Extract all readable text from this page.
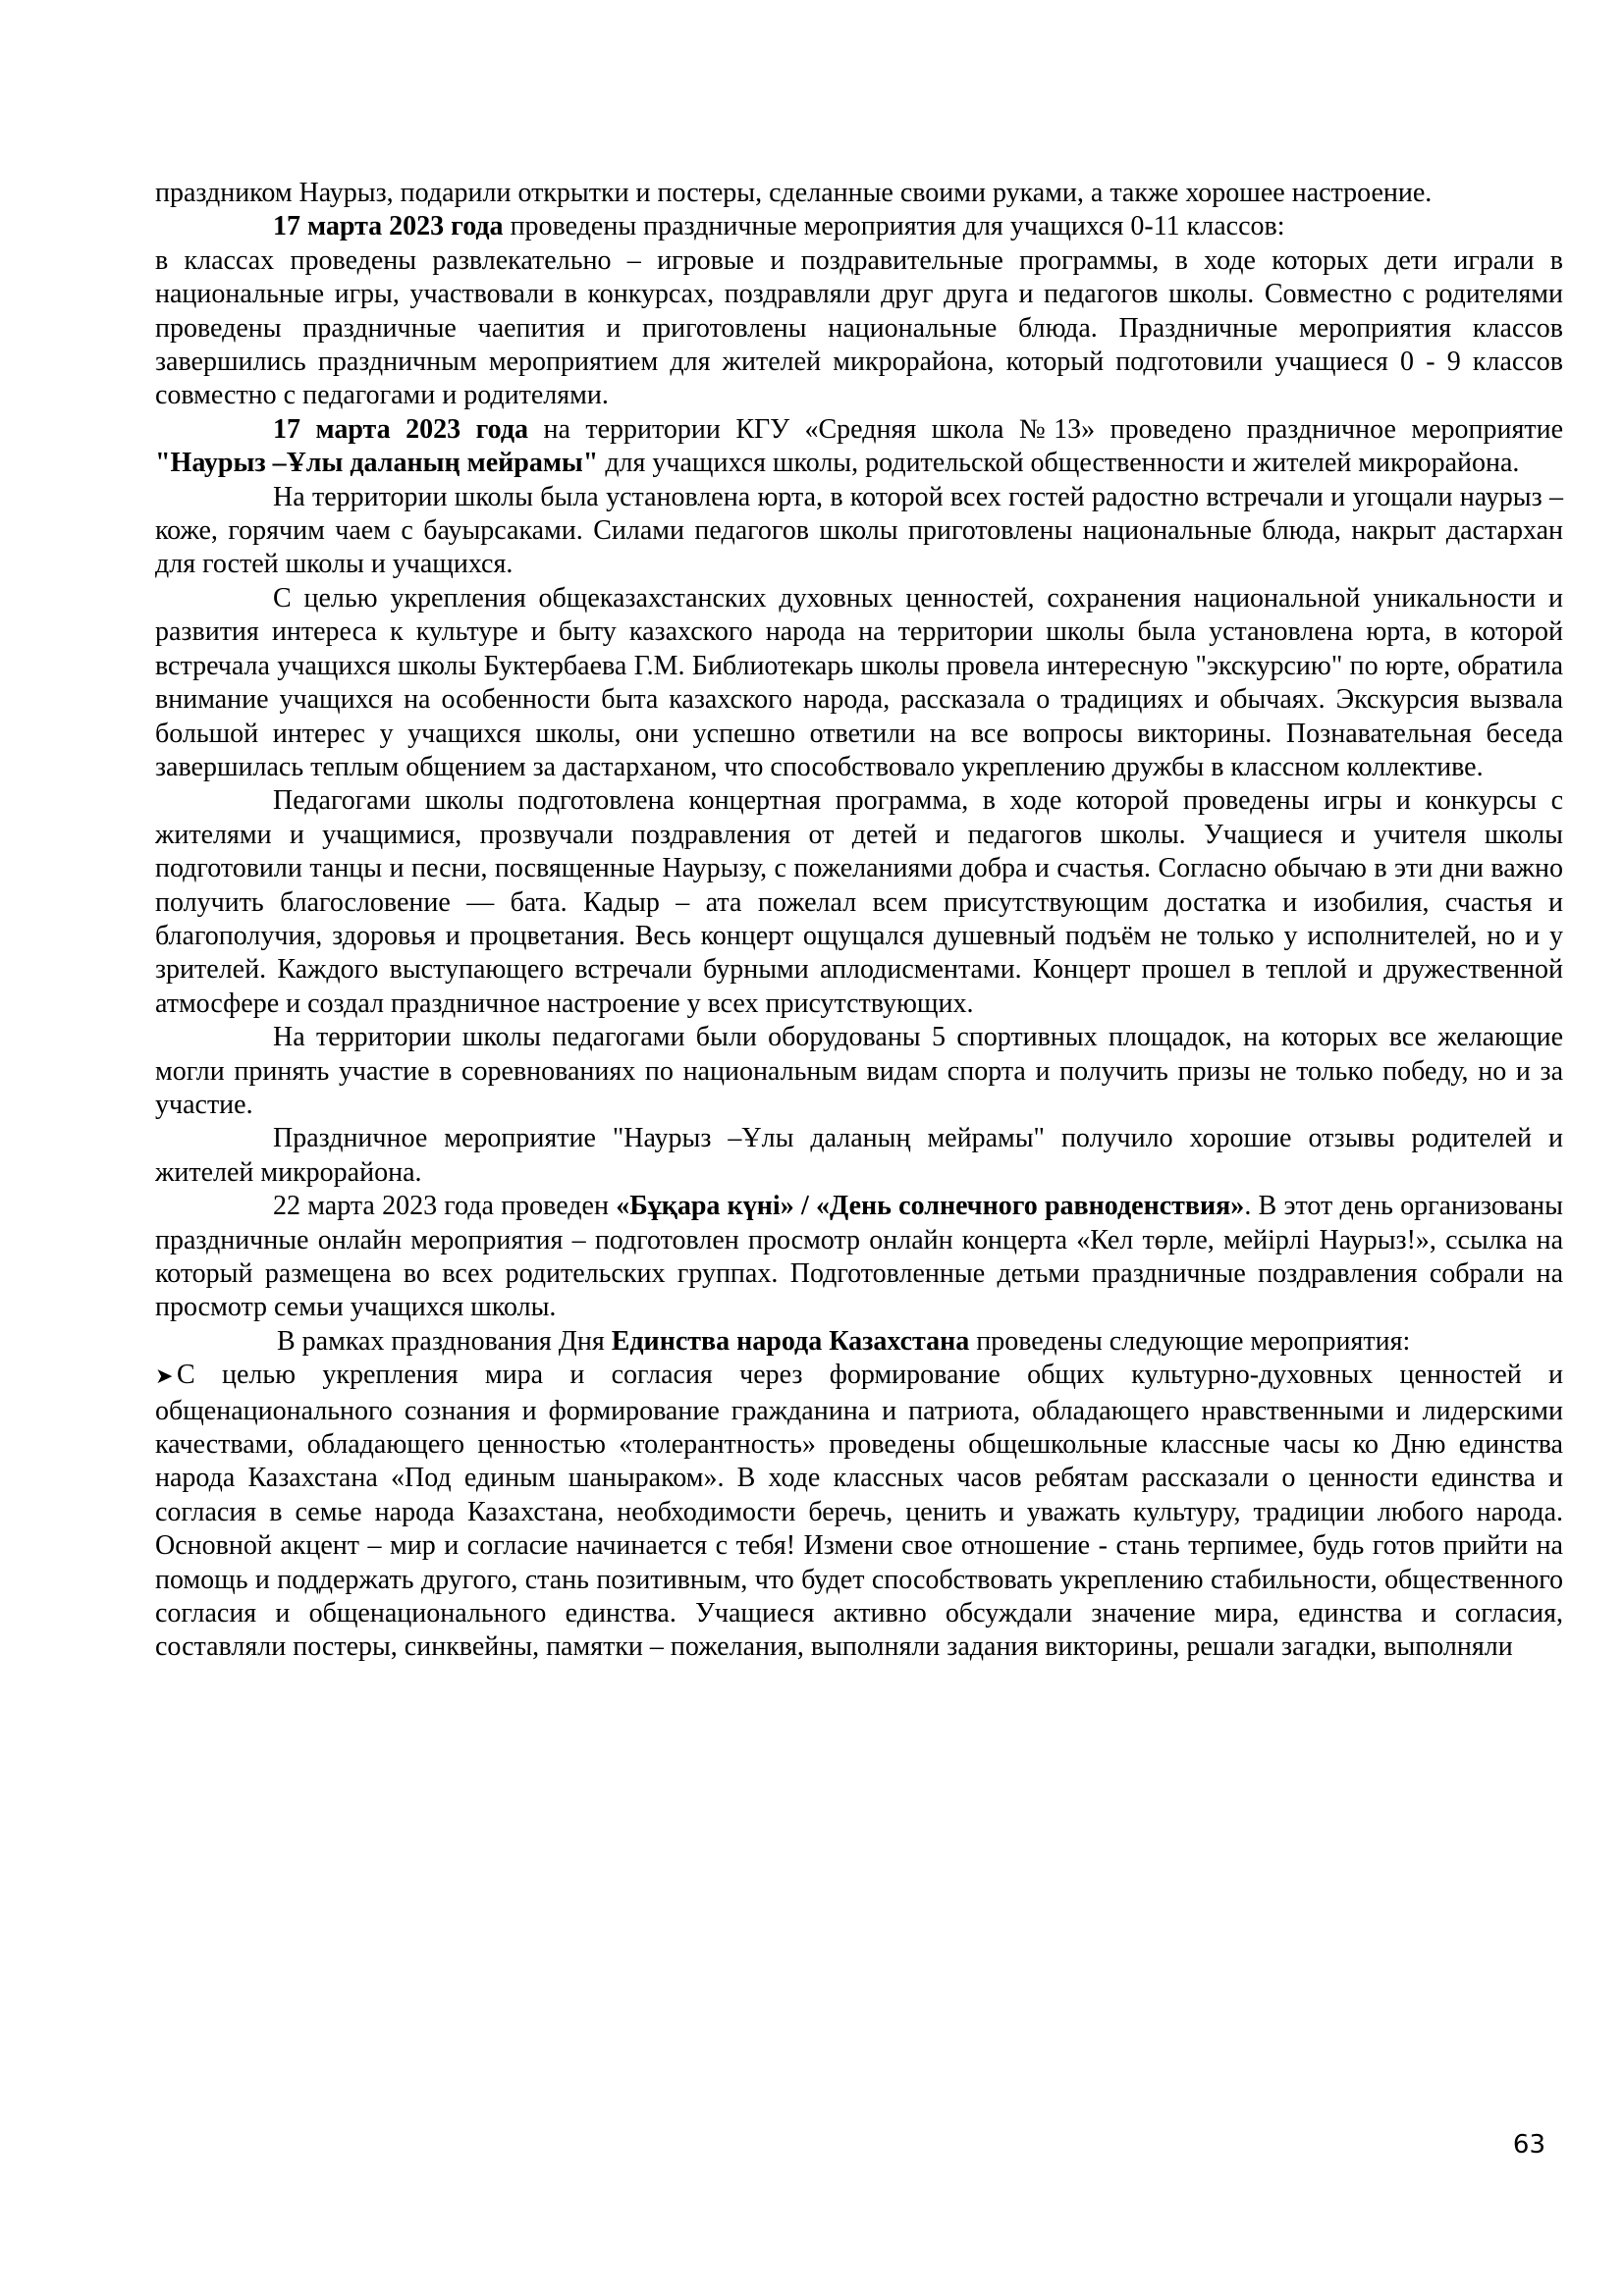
праздником Наурыз, подарили открытки и постеры, сделанные своими руками, а также хорошее настроение.

17 марта 2023 года проведены праздничные мероприятия для учащихся 0-11 классов:

в классах проведены развлекательно – игровые и поздравительные программы, в ходе которых дети играли в национальные игры, участвовали в конкурсах, поздравляли друг друга и педагогов школы. Совместно с родителями проведены праздничные чаепития и приготовлены национальные блюда. Праздничные мероприятия классов завершились праздничным мероприятием для жителей микрорайона, который подготовили учащиеся 0 - 9 классов совместно с педагогами и родителями.

17 марта 2023 года на территории КГУ «Средняя школа №13» проведено праздничное мероприятие "Наурыз –Ұлы даланың мейрамы" для учащихся школы, родительской общественности и жителей микрорайона.

На территории школы была установлена юрта, в которой всех гостей радостно встречали и угощали наурыз – коже, горячим чаем с бауырсаками. Силами педагогов школы приготовлены национальные блюда, накрыт дастархан для гостей школы и учащихся.

С целью укрепления общеказахстанских духовных ценностей, сохранения национальной уникальности и развития интереса к культуре и быту казахского народа на территории школы была установлена юрта, в которой встречала учащихся школы Буктербаева Г.М. Библиотекарь школы провела интересную "экскурсию" по юрте, обратила внимание учащихся на особенности быта казахского народа, рассказала о традициях и обычаях. Экскурсия вызвала большой интерес у учащихся школы, они успешно ответили на все вопросы викторины. Познавательная беседа завершилась теплым общением за дастарханом, что способствовало укреплению дружбы в классном коллективе.

Педагогами школы подготовлена концертная программа, в ходе которой проведены игры и конкурсы с жителями и учащимися, прозвучали поздравления от детей и педагогов школы. Учащиеся и учителя школы подготовили танцы и песни, посвященные Наурызу, с пожеланиями добра и счастья. Согласно обычаю в эти дни важно получить благословение — бата. Кадыр – ата пожелал всем присутствующим достатка и изобилия, счастья и благополучия, здоровья и процветания. Весь концерт ощущался душевный подъём не только у исполнителей, но и у зрителей. Каждого выступающего встречали бурными аплодисментами. Концерт прошел в теплой и дружественной атмосфере и создал праздничное настроение у всех присутствующих.

На территории школы педагогами были оборудованы 5 спортивных площадок, на которых все желающие могли принять участие в соревнованиях по национальным видам спорта и получить призы не только победу, но и за участие.

Праздничное мероприятие "Наурыз –Ұлы даланың мейрамы" получило хорошие отзывы родителей и жителей микрорайона.

22 марта 2023 года проведен «Бұқара күні» / «День солнечного равноденствия». В этот день организованы праздничные онлайн мероприятия – подготовлен просмотр онлайн концерта «Кел төрле, мейірлі Наурыз!», ссылка на который размещена во всех родительских группах. Подготовленные детьми праздничные поздравления собрали на просмотр семьи учащихся школы.

В рамках празднования Дня Единства народа Казахстана проведены следующие мероприятия:

➤ С целью укрепления мира и согласия через формирование общих культурно-духовных ценностей и общенационального сознания и формирование гражданина и патриота, обладающего нравственными и лидерскими качествами, обладающего ценностью «толерантность» проведены общешкольные классные часы ко Дню единства народа Казахстана «Под единым шаныраком». В ходе классных часов ребятам рассказали о ценности единства и согласия в семье народа Казахстана, необходимости беречь, ценить и уважать культуру, традиции любого народа. Основной акцент – мир и согласие начинается с тебя! Измени свое отношение - стань терпимее, будь готов прийти на помощь и поддержать другого, стань позитивным, что будет способствовать укреплению стабильности, общественного согласия и общенационального единства. Учащиеся активно обсуждали значение мира, единства и согласия, составляли постеры, синквейны, памятки – пожелания, выполняли задания викторины, решали загадки, выполняли

63
